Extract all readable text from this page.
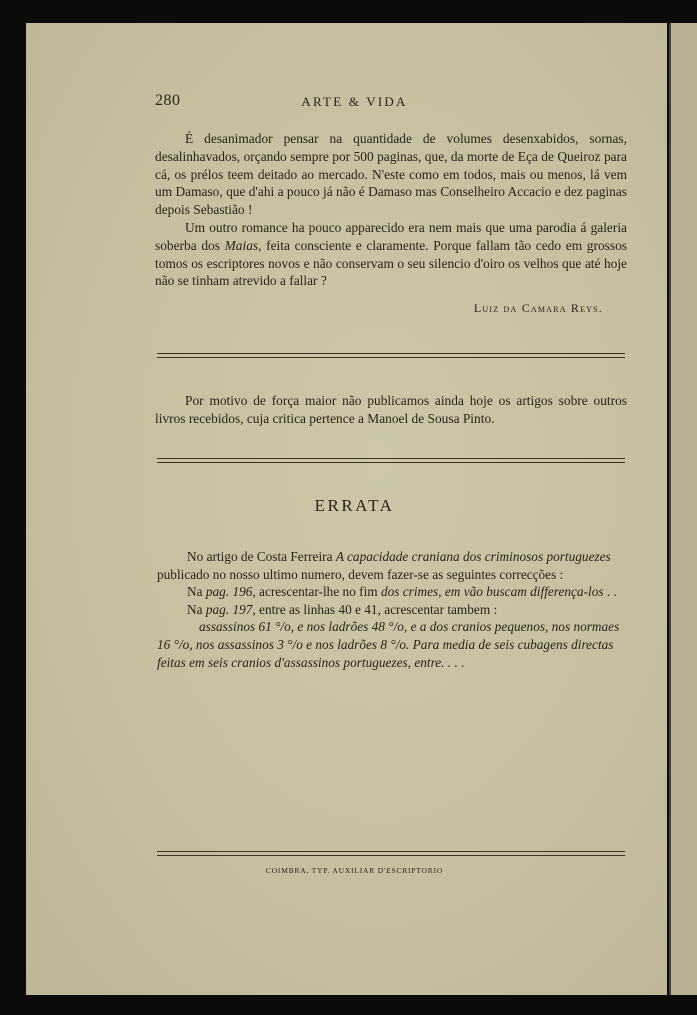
280	ARTE & VIDA

É desanimador pensar na quantidade de volumes desenxabidos, sornas, desalinhavados, orçando sempre por 500 paginas, que, da morte de Eça de Queiroz para cá, os prélos teem deitado ao mercado. N'este como em todos, mais ou menos, lá vem um Damaso, que d'ahi a pouco já não é Damaso mas Conselheiro Accacio e dez paginas depois Sebastião !

Um outro romance ha pouco apparecido era nem mais que uma parodia á galeria soberba dos Maias, feita consciente e claramente. Porque fallam tão cedo em grossos tomos os escriptores novos e não conservam o seu silencio d'oiro os velhos que até hoje não se tinham atrevido a fallar ?

Luiz da Camara Reys.

Por motivo de força maior não publicamos ainda hoje os artigos sobre outros livros recebidos, cuja critica pertence a Manoel de Sousa Pinto.

ERRATA

No artigo de Costa Ferreira A capacidade craniana dos criminosos portuguezes

publicado no nosso ultimo numero, devem fazer-se as seguintes correcções :

Na pag. 196, acrescentar-lhe no fim dos crimes, em vão buscam differença-los . .

Na pag. 197, entre as linhas 40 e 41, acrescentar tambem :

assassinos 61 °/o, e nos ladrões 48 °/o, e a dos cranios pequenos, nos normaes

16 °/o, nos assassinos 3 °/o e nos ladrões 8 °/o. Para media de seis cubagens directas

feitas em seis cranios d'assassinos portuguezes, entre. . . .

COIMBRA, TYP. AUXILIAR D'ESCRIPTORIO
